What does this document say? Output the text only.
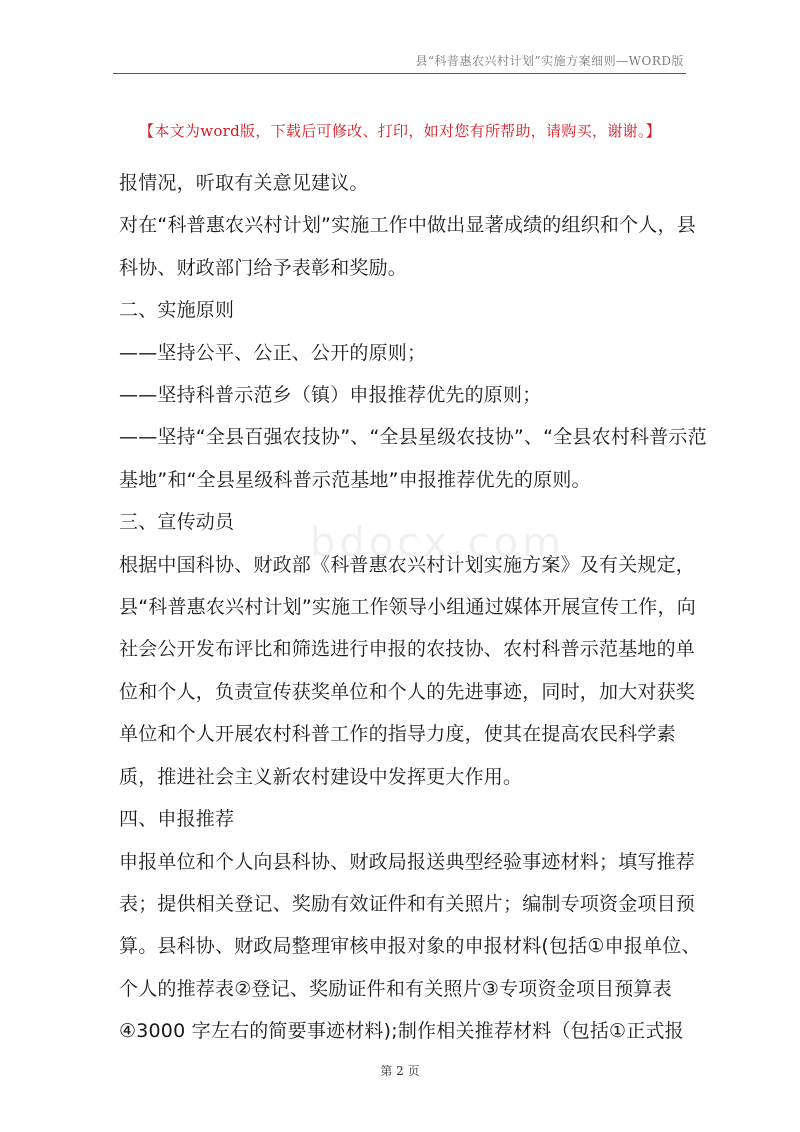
县“科普惠农兴村计划”实施方案细则—WORD版
【本文为word版，下载后可修改、打印，如对您有所帮助，请购买，谢谢。】
bdocx.com

报情况，听取有关意见建议。

对在“科普惠农兴村计划”实施工作中做出显著成绩的组织和个人，县

科协、财政部门给予表彰和奖励。

二、实施原则

——坚持公平、公正、公开的原则；

——坚持科普示范乡（镇）申报推荐优先的原则；

——坚持“全县百强农技协”、“全县星级农技协”、“全县农村科普示范

基地”和“全县星级科普示范基地”申报推荐优先的原则。

三、宣传动员

根据中国科协、财政部《科普惠农兴村计划实施方案》及有关规定，

县“科普惠农兴村计划”实施工作领导小组通过媒体开展宣传工作，向

社会公开发布评比和筛选进行申报的农技协、农村科普示范基地的单

位和个人，负责宣传获奖单位和个人的先进事迹，同时，加大对获奖

单位和个人开展农村科普工作的指导力度，使其在提高农民科学素

质，推进社会主义新农村建设中发挥更大作用。

四、申报推荐

申报单位和个人向县科协、财政局报送典型经验事迹材料；填写推荐

表；提供相关登记、奖励有效证件和有关照片；编制专项资金项目预

算。县科协、财政局整理审核申报对象的申报材料(包括①申报单位、

个人的推荐表②登记、奖励证件和有关照片③专项资金项目预算表

④3000 字左右的简要事迹材料);制作相关推荐材料（包括①正式报

第 2 页
